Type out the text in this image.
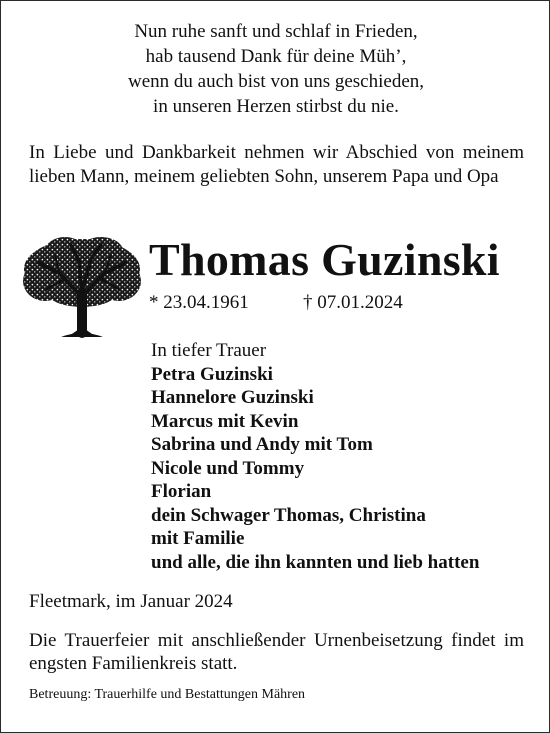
Nun ruhe sanft und schlaf in Frieden,
hab tausend Dank für deine Müh’,
wenn du auch bist von uns geschieden,
in unseren Herzen stirbst du nie.
In Liebe und Dankbarkeit nehmen wir Abschied von meinem lieben Mann, meinem geliebten Sohn, unserem Papa und Opa
Thomas Guzinski
* 23.04.1961	† 07.01.2024
In tiefer Trauer
Petra Guzinski
Hannelore Guzinski
Marcus mit Kevin
Sabrina und Andy mit Tom
Nicole und Tommy
Florian
dein Schwager Thomas, Christina
mit Familie
und alle, die ihn kannten und lieb hatten
Fleetmark, im Januar 2024
Die Trauerfeier mit anschließender Urnenbeisetzung findet im engsten Familienkreis statt.
Betreuung: Trauerhilfe und Bestattungen Mähren
